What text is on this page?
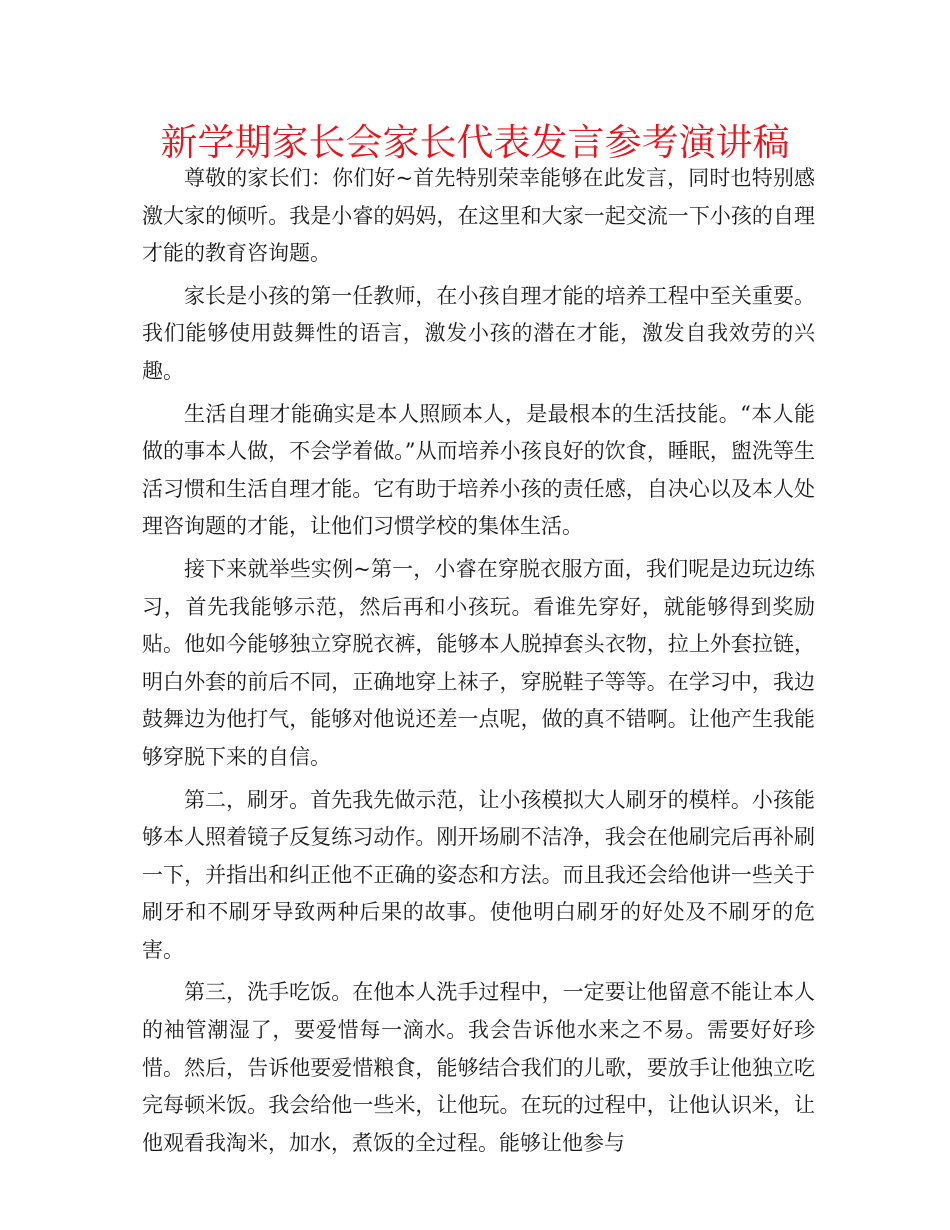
新学期家长会家长代表发言参考演讲稿

尊敬的家长们：你们好~首先特别荣幸能够在此发言，同时也特别感激大家的倾听。我是小睿的妈妈，在这里和大家一起交流一下小孩的自理才能的教育咨询题。

家长是小孩的第一任教师，在小孩自理才能的培养工程中至关重要。我们能够使用鼓舞性的语言，激发小孩的潜在才能，激发自我效劳的兴趣。

生活自理才能确实是本人照顾本人，是最根本的生活技能。“本人能做的事本人做，不会学着做。”从而培养小孩良好的饮食，睡眠，盥洗等生活习惯和生活自理才能。它有助于培养小孩的责任感，自决心以及本人处理咨询题的才能，让他们习惯学校的集体生活。

接下来就举些实例~第一，小睿在穿脱衣服方面，我们呢是边玩边练习，首先我能够示范，然后再和小孩玩。看谁先穿好，就能够得到奖励贴。他如今能够独立穿脱衣裤，能够本人脱掉套头衣物，拉上外套拉链，明白外套的前后不同，正确地穿上袜子，穿脱鞋子等等。在学习中，我边鼓舞边为他打气，能够对他说还差一点呢，做的真不错啊。让他产生我能够穿脱下来的自信。

第二，刷牙。首先我先做示范，让小孩模拟大人刷牙的模样。小孩能够本人照着镜子反复练习动作。刚开场刷不洁净，我会在他刷完后再补刷一下，并指出和纠正他不正确的姿态和方法。而且我还会给他讲一些关于刷牙和不刷牙导致两种后果的故事。使他明白刷牙的好处及不刷牙的危害。

第三，洗手吃饭。在他本人洗手过程中，一定要让他留意不能让本人的袖管潮湿了，要爱惜每一滴水。我会告诉他水来之不易。需要好好珍惜。然后，告诉他要爱惜粮食，能够结合我们的儿歌，要放手让他独立吃完每顿米饭。我会给他一些米，让他玩。在玩的过程中，让他认识米，让他观看我淘米，加水，煮饭的全过程。能够让他参与
